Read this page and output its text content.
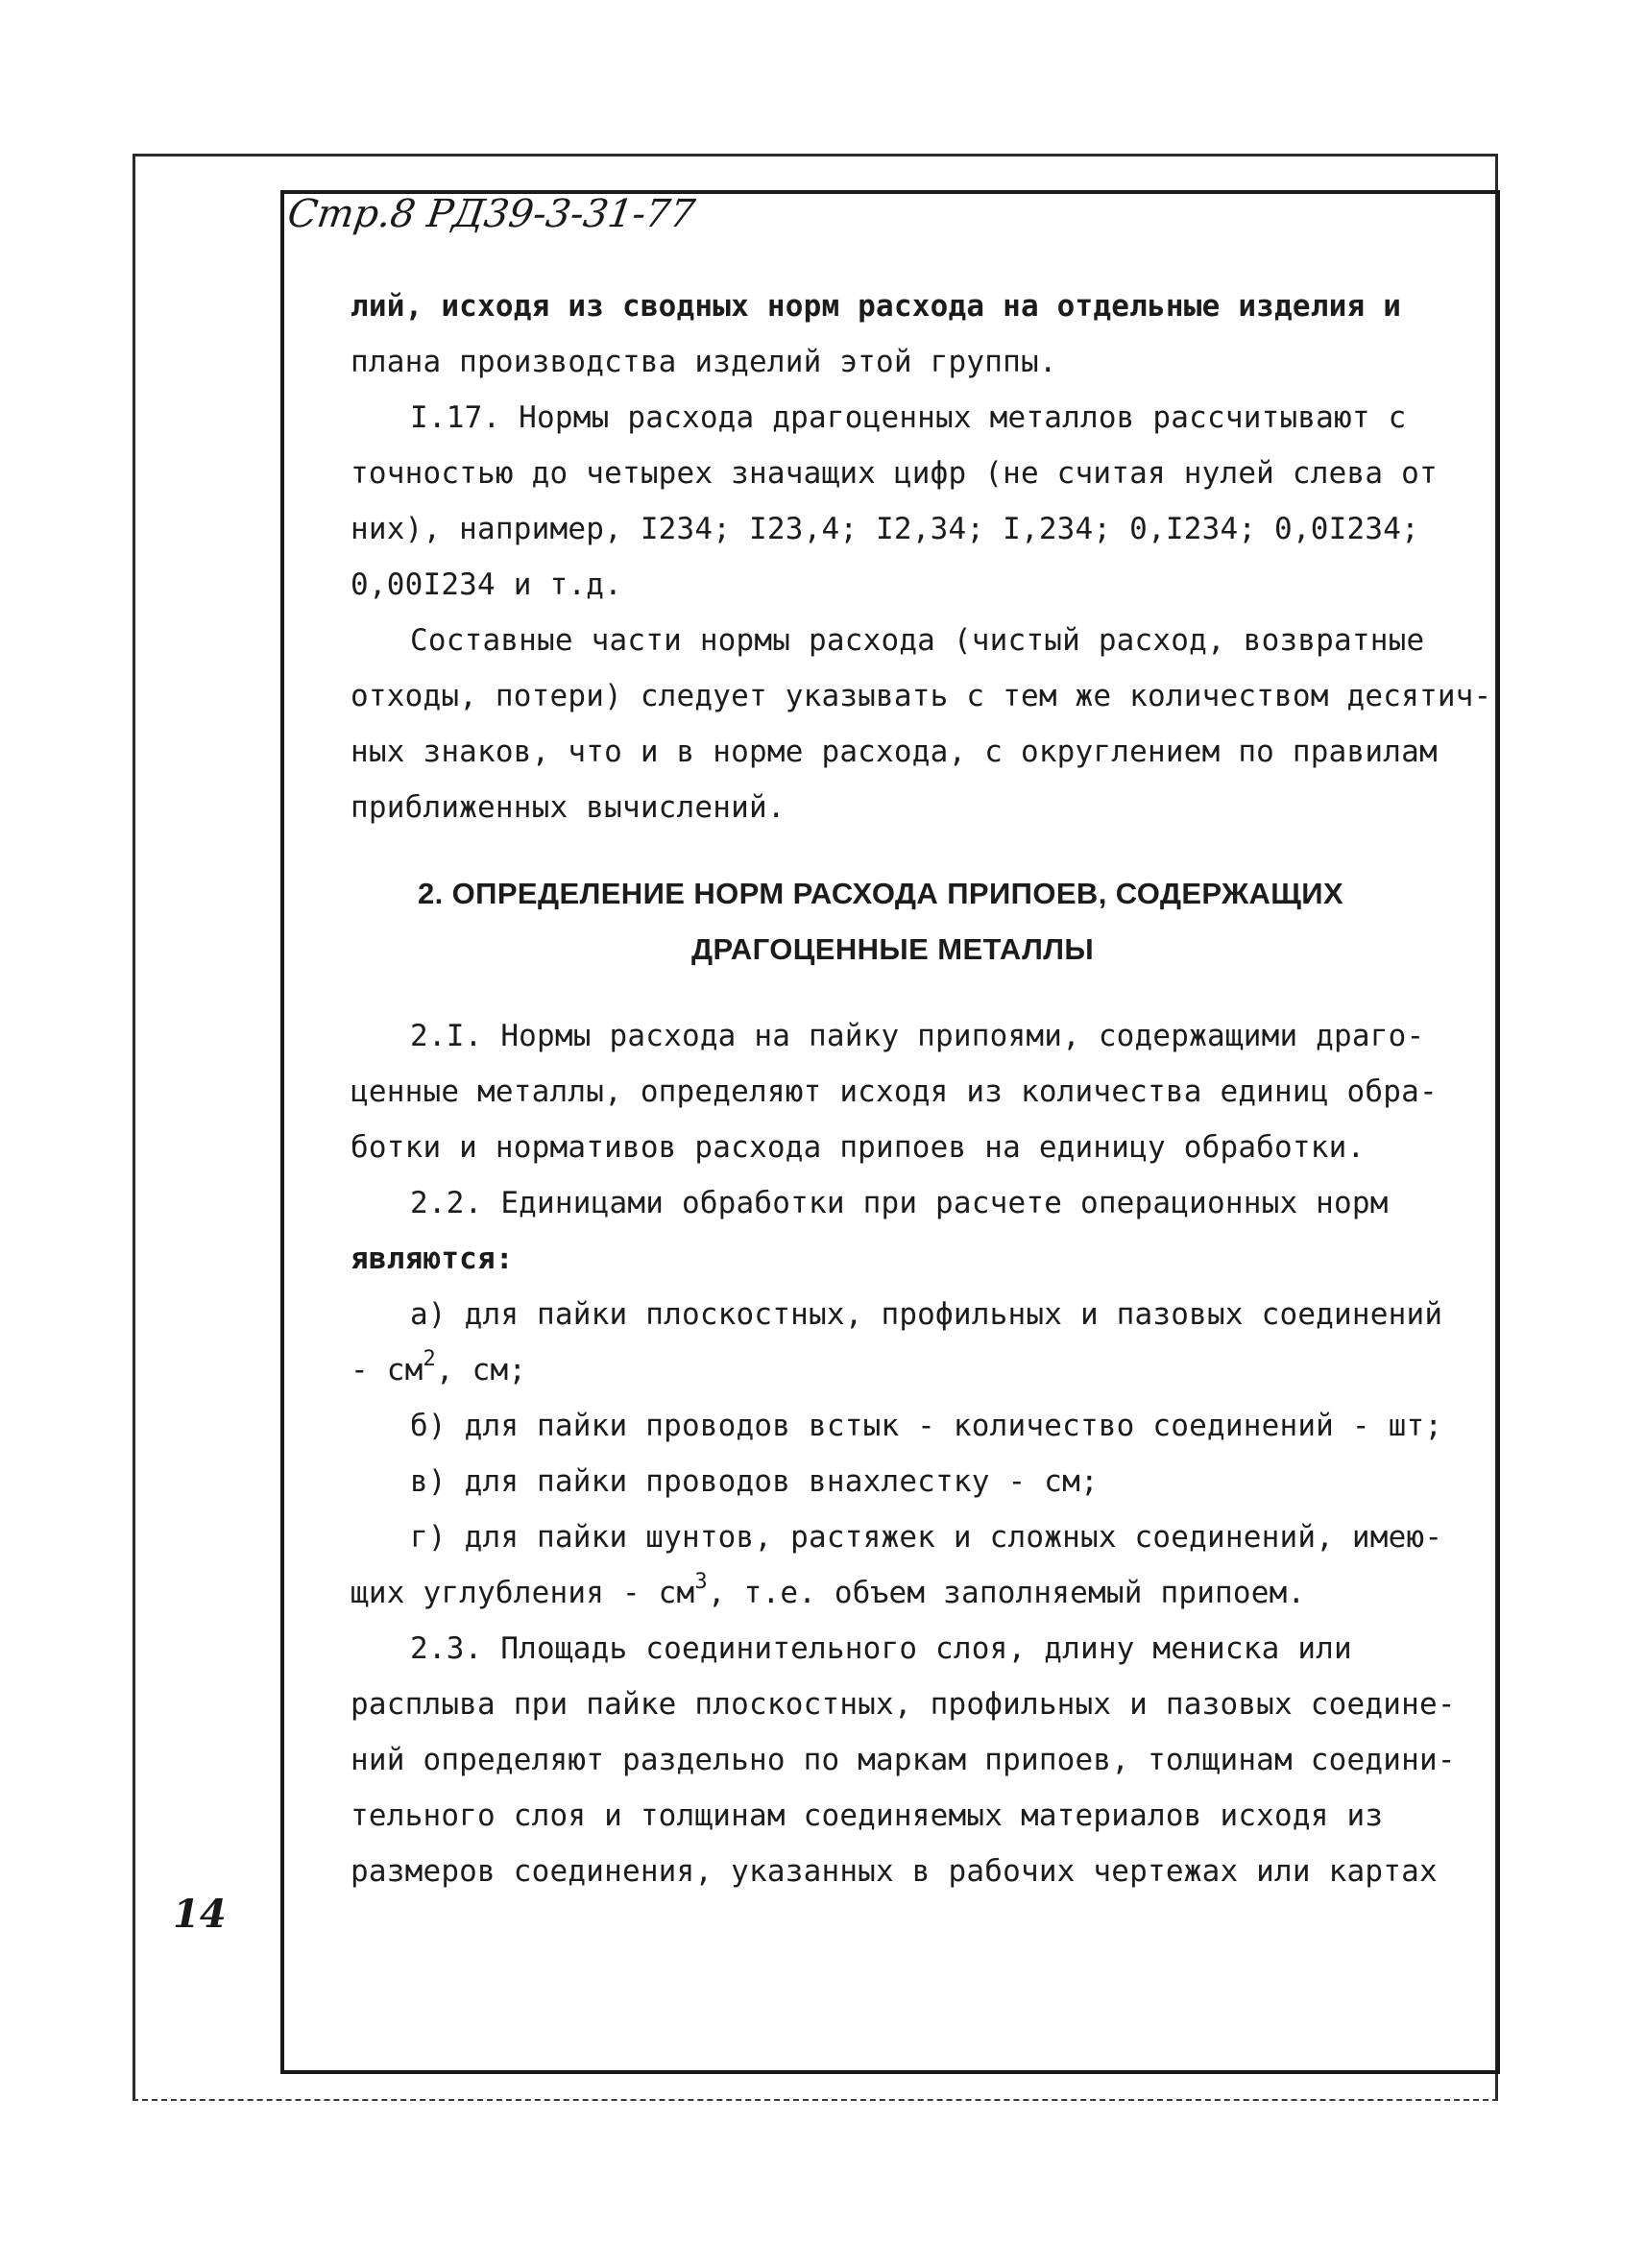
Стр.8 РД39-3-31-77
14
лий, исходя из сводных норм расхода на отдельные изделия и
плана производства изделий этой группы.
I.17. Нормы расхода драгоценных металлов рассчитывают с
точностью до четырех значащих цифр (не считая нулей слева от
них), например, I234; I23,4; I2,34; I,234; 0,I234; 0,0I234;
0,00I234 и т.д.
Составные части нормы расхода (чистый расход, возвратные
отходы, потери) следует указывать с тем же количеством десятич-
ных знаков, что и в норме расхода, с округлением по правилам
приближенных вычислений.
2. ОПРЕДЕЛЕНИЕ НОРМ РАСХОДА ПРИПОЕВ, СОДЕРЖАЩИХ
ДРАГОЦЕННЫЕ МЕТАЛЛЫ
2.I. Нормы расхода на пайку припоями, содержащими драго-
ценные металлы, определяют исходя из количества единиц обра-
ботки и нормативов расхода припоев на единицу обработки.
2.2. Единицами обработки при расчете операционных норм
являются:
а) для пайки плоскостных, профильных и пазовых соединений
- $см^2$, см;
б) для пайки проводов встык - количество соединений - шт;
в) для пайки проводов внахлестку - см;
г) для пайки шунтов, растяжек и сложных соединений, имею-
щих углубления - $см^3$, т.е. объем заполняемый припоем.
2.3. Площадь соединительного слоя, длину мениска или
расплыва при пайке плоскостных, профильных и пазовых соедине-
ний определяют раздельно по маркам припоев, толщинам соедини-
тельного слоя и толщинам соединяемых материалов исходя из
размеров соединения, указанных в рабочих чертежах или картах
